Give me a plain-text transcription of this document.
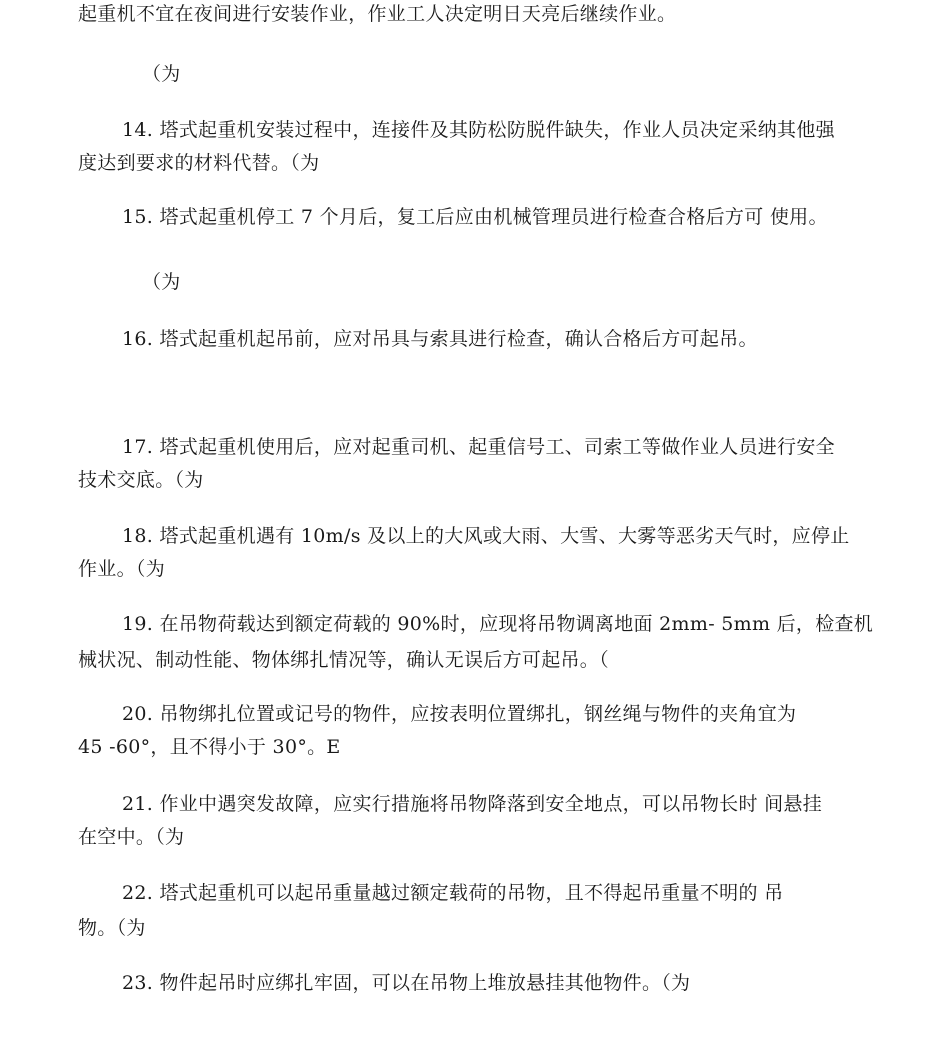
起重机不宜在夜间进行安装作业，作业工人决定明日天亮后继续作业。
（为
14. 塔式起重机安装过程中，连接件及其防松防脱件缺失，作业人员决定采纳其他强
度达到要求的材料代替。（为
15. 塔式起重机停工 7 个月后，复工后应由机械管理员进行检查合格后方可 使用。
（为
16. 塔式起重机起吊前，应对吊具与索具进行检查，确认合格后方可起吊。
17. 塔式起重机使用后，应对起重司机、起重信号工、司索工等做作业人员进行安全
技术交底。（为
18. 塔式起重机遇有 10m/s 及以上的大风或大雨、大雪、大雾等恶劣天气时，应停止
作业。（为
19. 在吊物荷载达到额定荷载的 90%时，应现将吊物调离地面 2mm- 5mm 后，检查机
械状况、制动性能、物体绑扎情况等，确认无误后方可起吊。（
20. 吊物绑扎位置或记号的物件，应按表明位置绑扎，钢丝绳与物件的夹角宜为
45 -60°，且不得小于 30°。E
21. 作业中遇突发故障，应实行措施将吊物降落到安全地点，可以吊物长时 间悬挂
在空中。（为
22. 塔式起重机可以起吊重量越过额定载荷的吊物，且不得起吊重量不明的 吊
物。（为
23. 物件起吊时应绑扎牢固，可以在吊物上堆放悬挂其他物件。（为
